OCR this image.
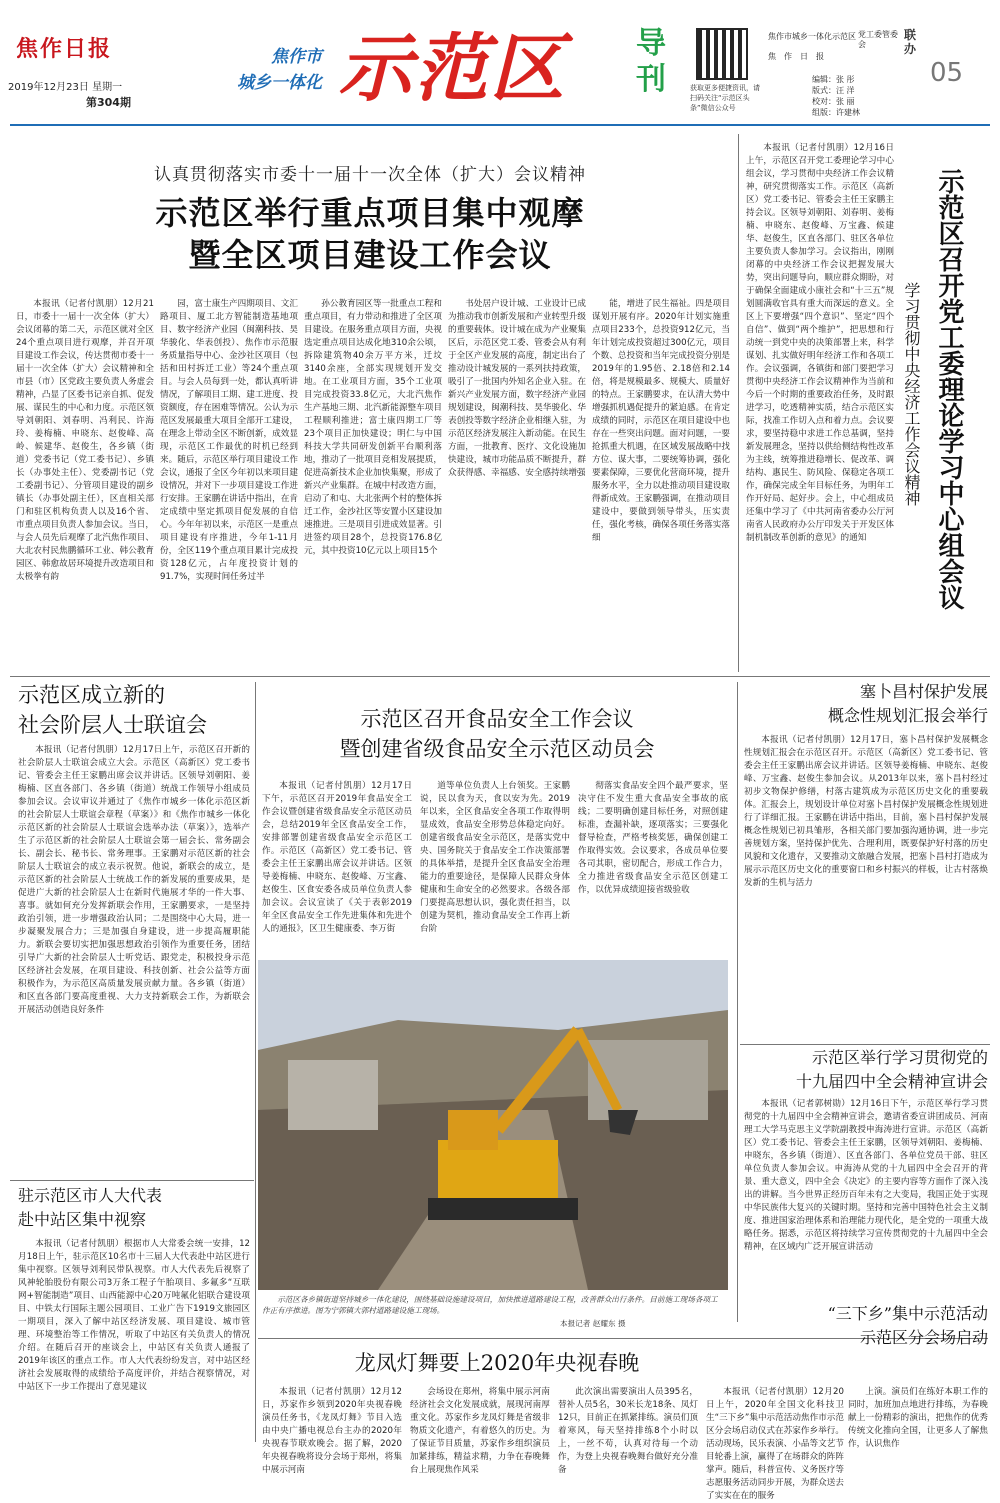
焦作日报
2019年12月23日 星期一
第304期
焦作市
城乡一体化 示范区 导刊	获取更多便捷资讯，请扫码关注“示范区头条”微信公众号
焦作市城乡一体化示范区 党工委管委会
焦　作　日　报
联办
05
编辑：张 彤
版式：汪 洋
校对：张 丽
组版：许建林
认真贯彻落实市委十一届十一次全体（扩大）会议精神
示范区举行重点项目集中观摩
暨全区项目建设工作会议
本报讯（记者付凯朋）12月21日，市委十一届十一次全体（扩大）会议闭幕的第二天，示范区就对全区24个重点项目进行观摩，并召开项目建设工作会议，传达贯彻市委十一届十一次全体（扩大）会议精神和全市县（市）区党政主要负责人务虚会精神，凸显了区委书记亲自抓、促发展、谋民生的中心和力度。示范区领导刘朝阳、刘春明、冯利民、许海玲、姜梅楠、申晓东、赵俊峰、高岭、候建华、赵俊生，各乡镇（街道）党委书记（党工委书记）、乡镇长（办事处主任）、党委副书记（党工委副书记）、分管项目建设的副乡镇长（办事处副主任），区直相关部门和驻区机构负责人以及16个省、市重点项目负责人参加会议。当日，与会人员先后观摩了北汽焦作项目、大北农村民焦鹏循环工业、韩公教育园区、韩愈故居环境提升改造项目和太极拳有韵
园，富士康生产四期项目、文汇路项目、厦工北方智能制造基地项目、数字经济产业园（闽潮科技、昊华骏化、华表创投）、焦作市示范服务质量指导中心、金沙社区项目（包括和田村拆迁工业）等24个重点项目。与会人员每到一处，都认真听讲情况，了解项目工期、建工进度、投资额度，存在困难等情况。公认为示范区发展最重大项目全部开工建设，在理念上带动全区不断创新，成效显现，示范区工作最优的时机已经到来。随后，示范区举行项目建设工作会议，通报了全区今年初以来项目建设情况，并对下一步项目建设工作进行安排。王家鹏在讲话中指出，在肯定成绩中坚定抓项目促发展的自信心。今年年初以来，示范区一是重点项目建设有序推进，今年1-11月份，全区119个重点项目累计完成投资128亿元，占年度投资计划的91.7%，实现时间任务过半
孙公教育园区等一批重点工程和重点项目，有力带动和推进了全区项目建设。在服务重点项目方面，央视选定重点项目达成化地310余公顷，拆除建筑物40余万平方米，迁坟3140余座，全部实现规划开发交地。在工业项目方面，35个工业项目完成投资33.8亿元，大北汽焦作生产基地三期、北汽新能源整车项目工程顺利推进；富士康四期工厂等23个项目正加快建设；明仁与中国科技大学共同研发创新平台顺利落地，推动了一批项目竞相发展提质，促进高新技术企业加快集聚，形成了新兴产业集群。在城中村改造方面，启动了和屯、大北张两个村的整体拆迁工作，金沙社区等安置小区建设加速推进。三是项目引进成效显著。引进签约项目28个，总投资176.8亿元，其中投资10亿元以上项目15个
书处居户设计城、工业设计已成为推动我市创新发展和产业转型升级的重要载体。设计城在成为产业聚集区后，示范区党工委、管委会从有利于全区产业发展的高度，制定出台了推动设计城发展的一系列扶持政策，吸引了一批国内外知名企业入驻。在新兴产业发展方面，数字经济产业园规划建设，闽潮科技、昊华骏化、华表创投等数字经济企业相继入驻，为示范区经济发展注入新动能。在民生方面，一批教育、医疗、文化设施加快建设，城市功能品质不断提升，群众获得感、幸福感、安全感持续增强
能，增进了民生福祉。四是项目谋划开展有序。2020年计划实施重点项目233个，总投资912亿元，当年计划完成投资超过300亿元，项目个数、总投资和当年完成投资分别是2019年的1.95倍、2.18倍和2.14倍，将是规模最多、规模大、质量好的特点。王家鹏要求，在认清大势中增强抓机遇促提升的紧迫感。在肯定成绩的同时，示范区在项目建设中也存在一些突出问题。面对问题，一要抢抓重大机遇，在区域发展战略中找方位、谋大事，二要统筹协调，强化要素保障，三要优化营商环境，提升服务水平，全力以赴推动项目建设取得新成效。王家鹏强调，在推动项目建设中，要做到领导带头，压实责任，强化考核，确保各项任务落实落细
本报讯（记者付凯朋）12月16日上午，示范区召开党工委理论学习中心组会议，学习贯彻中央经济工作会议精神，研究贯彻落实工作。示范区（高新区）党工委书记、管委会主任王家鹏主持会议。区领导刘朝阳、刘春明、姜梅楠、申晓东、赵俊峰、万宝鑫、候建华、赵俊生，区直各部门、驻区各单位主要负责人参加学习。会议指出，刚刚闭幕的中央经济工作会议把握发展大势，突出问题导向，顺应群众期盼，对于确保全面建成小康社会和“十三五”规划圆满收官具有重大而深远的意义。全区上下要增强“四个意识”、坚定“四个自信”、做到“两个维护”，把思想和行动统一到党中央的决策部署上来，科学谋划、扎实做好明年经济工作和各项工作。会议强调，各镇街和部门要把学习贯彻中央经济工作会议精神作为当前和今后一个时期的重要政治任务，及时跟进学习，吃透精神实质，结合示范区实际，找准工作切入点和着力点。会议要求，要坚持稳中求进工作总基调，坚持新发展理念，坚持以供给侧结构性改革为主线，统筹推进稳增长、促改革、调结构、惠民生、防风险、保稳定各项工作，确保完成全年目标任务，为明年工作开好局、起好步。会上，中心组成员还集中学习了《中共河南省委办公厅河南省人民政府办公厅印发关于开发区体制机制改革创新的意见》的通知	示范区召开党工委理论学习中心组会议
学习贯彻中央经济工作会议精神
示范区成立新的
社会阶层人士联谊会
本报讯（记者付凯朋）12月17日上午，示范区召开新的社会阶层人士联谊会成立大会。示范区（高新区）党工委书记、管委会主任王家鹏出席会议并讲话。区领导刘朝阳、姜梅楠、区直各部门、各乡镇（街道）统战工作领导小组成员参加会议。会议审议并通过了《焦作市城乡一体化示范区新的社会阶层人士联谊会章程（草案）》和《焦作市城乡一体化示范区新的社会阶层人士联谊会选举办法（草案）》，选举产生了示范区新的社会阶层人士联谊会第一届会长、常务副会长、副会长、秘书长、常务理事。王家鹏对示范区新的社会阶层人士联谊会的成立表示祝贺。他说，新联会的成立，是示范区新的社会阶层人士统战工作的新发展的重要成果，是促进广大新的社会阶层人士在新时代施展才华的一件大事、喜事。就如何充分发挥新联会作用，王家鹏要求，一是坚持政治引领，进一步增强政治认同；二是围绕中心大局，进一步凝聚发展合力；三是加强自身建设，进一步提高履职能力。新联会要切实把加强思想政治引领作为重要任务，团结引导广大新的社会阶层人士听党话、跟党走，积极投身示范区经济社会发展，在项目建设、科技创新、社会公益等方面积极作为，为示范区高质量发展贡献力量。各乡镇（街道）和区直各部门要高度重视、大力支持新联会工作，为新联会开展活动创造良好条件
示范区召开食品安全工作会议
暨创建省级食品安全示范区动员会
本报讯（记者付凯朋）12月17日下午，示范区召开2019年食品安全工作会议暨创建省级食品安全示范区动员会，总结2019年全区食品安全工作，安排部署创建省级食品安全示范区工作。示范区（高新区）党工委书记、管委会主任王家鹏出席会议并讲话。区领导姜梅楠、申晓东、赵俊峰、万宝鑫、赵俊生、区食安委各成员单位负责人参加会议。会议宣读了《关于表彰2019年全区食品安全工作先进集体和先进个人的通报》，区卫生健康委、李万街
道等单位负责人上台领奖。王家鹏说，民以食为天，食以安为先。2019年以来，全区食品安全各项工作取得明显成效，食品安全形势总体稳定向好。创建省级食品安全示范区，是落实党中央、国务院关于食品安全工作决策部署的具体举措，是提升全区食品安全治理能力的重要途径，是保障人民群众身体健康和生命安全的必然要求。各级各部门要提高思想认识，强化责任担当，以创建为契机，推动食品安全工作再上新台阶
彻落实食品安全四个最严要求，坚决守住不发生重大食品安全事故的底线；二要明确创建目标任务，对照创建标准，查漏补缺，逐项落实；三要强化督导检查，严格考核奖惩，确保创建工作取得实效。会议要求，各成员单位要各司其职，密切配合，形成工作合力，全力推进省级食品安全示范区创建工作，以优异成绩迎接省级验收
示范区各乡镇街道坚持城乡一体化建设，围绕基础设施建设项目，加快推进道路建设工程，改善群众出行条件。目前施工现场各项工作正有序推进。图为宁郭镇大郭村道路建设施工现场。
本报记者 赵耀东 摄
塞卜昌村保护发展
概念性规划汇报会举行
本报讯（记者付凯朋）12月17日，塞卜昌村保护发展概念性规划汇报会在示范区召开。示范区（高新区）党工委书记、管委会主任王家鹏出席会议并讲话。区领导姜梅楠、申晓东、赵俊峰、万宝鑫、赵俊生参加会议。从2013年以来，塞卜昌村经过初步文物保护修缮，村落古建筑成为示范区历史文化的重要载体。汇报会上，规划设计单位对塞卜昌村保护发展概念性规划进行了详细汇报。王家鹏在讲话中指出，目前，塞卜昌村保护发展概念性规划已初具雏形，各相关部门要加强沟通协调，进一步完善规划方案，坚持保护优先、合理利用，既要保护好村落的历史风貌和文化遗存，又要推动文旅融合发展，把塞卜昌村打造成为展示示范区历史文化的重要窗口和乡村振兴的样板，让古村落焕发新的生机与活力
示范区举行学习贯彻党的
十九届四中全会精神宣讲会
本报讯（记者郭树勋）12月16日下午，示范区举行学习贯彻党的十九届四中全会精神宣讲会，邀请省委宣讲团成员、河南理工大学马克思主义学院副教授申海涛进行宣讲。示范区（高新区）党工委书记、管委会主任王家鹏，区领导刘朝阳、姜梅楠、申晓东，各乡镇（街道）、区直各部门、各单位党员干部、驻区单位负责人参加会议。申海涛从党的十九届四中全会召开的背景、重大意义，四中全会《决定》的主要内容等方面作了深入浅出的讲解。当今世界正经历百年未有之大变局，我国正处于实现中华民族伟大复兴的关键时期。坚持和完善中国特色社会主义制度、推进国家治理体系和治理能力现代化，是全党的一项重大战略任务。据悉，示范区将持续学习宣传贯彻党的十九届四中全会精神，在区域内广泛开展宣讲活动
驻示范区市人大代表
赴中站区集中视察
本报讯（记者付凯朋）根据市人大常委会统一安排，12月18日上午，驻示范区10名市十三届人大代表赴中站区进行集中视察。区领导刘利民带队视察。市人大代表先后视察了风神轮胎股份有限公司3万条工程子午胎项目、多氟多“互联网+智能制造”项目、山西能源中心20万吨氟化铝联合建设项目、中铁太行国际主题公园项目、工业广告下1919文旅园区一期项目，深入了解中站区经济发展、项目建设、城市管理、环境整治等工作情况，听取了中站区有关负责人的情况介绍。在随后召开的座谈会上，中站区有关负责人通报了2019年该区的重点工作。市人大代表纷纷发言，对中站区经济社会发展取得的成绩给予高度评价，并结合视察情况，对中站区下一步工作提出了意见建议
龙凤灯舞要上2020年央视春晚
本报讯（记者付凯朋）12月12日，苏家作乡领到2020年央视春晚演员任务书，《龙凤灯舞》节目入选由中央广播电视总台主办的2020年央视春节联欢晚会。据了解，2020年央视春晚将设分会场于郑州，将集中展示河南
会场设在郑州，将集中展示河南经济社会文化发展成就，展现河南厚重文化。苏家作乡龙凤灯舞是省级非物质文化遗产，有着悠久的历史。为了保证节目质量，苏家作乡组织演员加紧排练，精益求精，力争在春晚舞台上展现焦作风采
此次演出需要演出人员395名，替补人员5名，30米长龙18条、凤灯12只，目前正在抓紧排练。演员们顶着寒风，每天坚持排练8个小时以上，一丝不苟，认真对待每一个动作，为登上央视春晚舞台做好充分准备
上演。演员们在练好本职工作的同时，加班加点地进行排练，为春晚献上一份精彩的演出，把焦作的优秀传统文化推向全国，让更多人了解焦作，认识焦作
“三下乡”集中示范活动
示范区分会场启动
本报讯（记者付凯朋）12月20日上午，2020年全国文化科技卫生“三下乡”集中示范活动焦作市示范区分会场启动仪式在苏家作乡举行。活动现场，民乐表演、小品等文艺节目轮番上演，赢得了在场群众的阵阵掌声。随后，科普宣传、义务医疗等志愿服务活动同步开展，为群众送去了实实在在的服务
